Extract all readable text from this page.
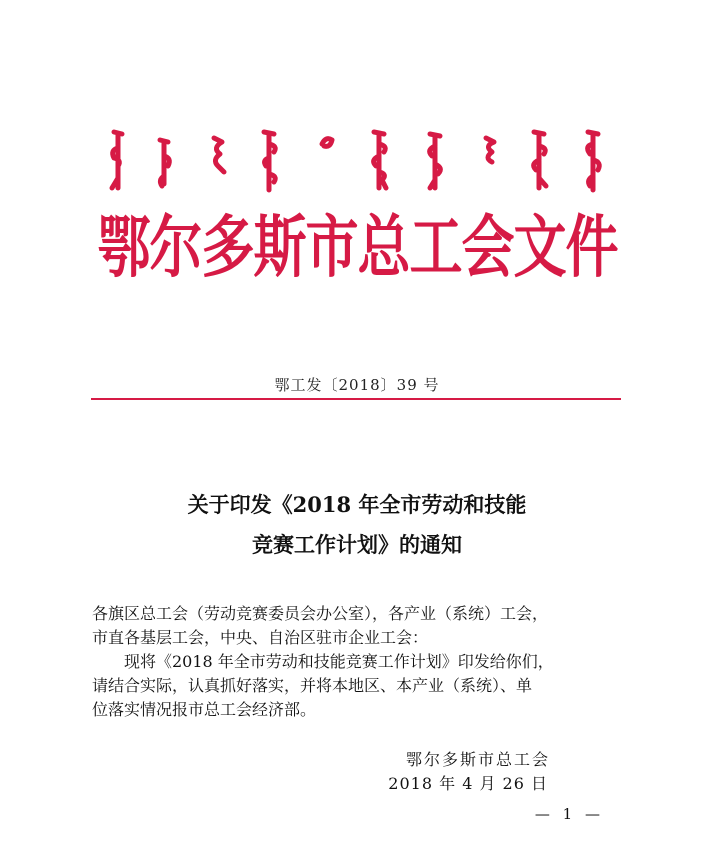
鄂尔多斯市总工会文件
鄂工发〔2018〕39 号
关于印发《2018 年全市劳动和技能
竞赛工作计划》的通知

各旗区总工会（劳动竞赛委员会办公室），各产业（系统）工会，

市直各基层工会，中央、自治区驻市企业工会：

现将《2018 年全市劳动和技能竞赛工作计划》印发给你们，

请结合实际，认真抓好落实，并将本地区、本产业（系统）、单

位落实情况报市总工会经济部。

鄂尔多斯市总工会
2018 年 4 月 26 日
— 1 —
